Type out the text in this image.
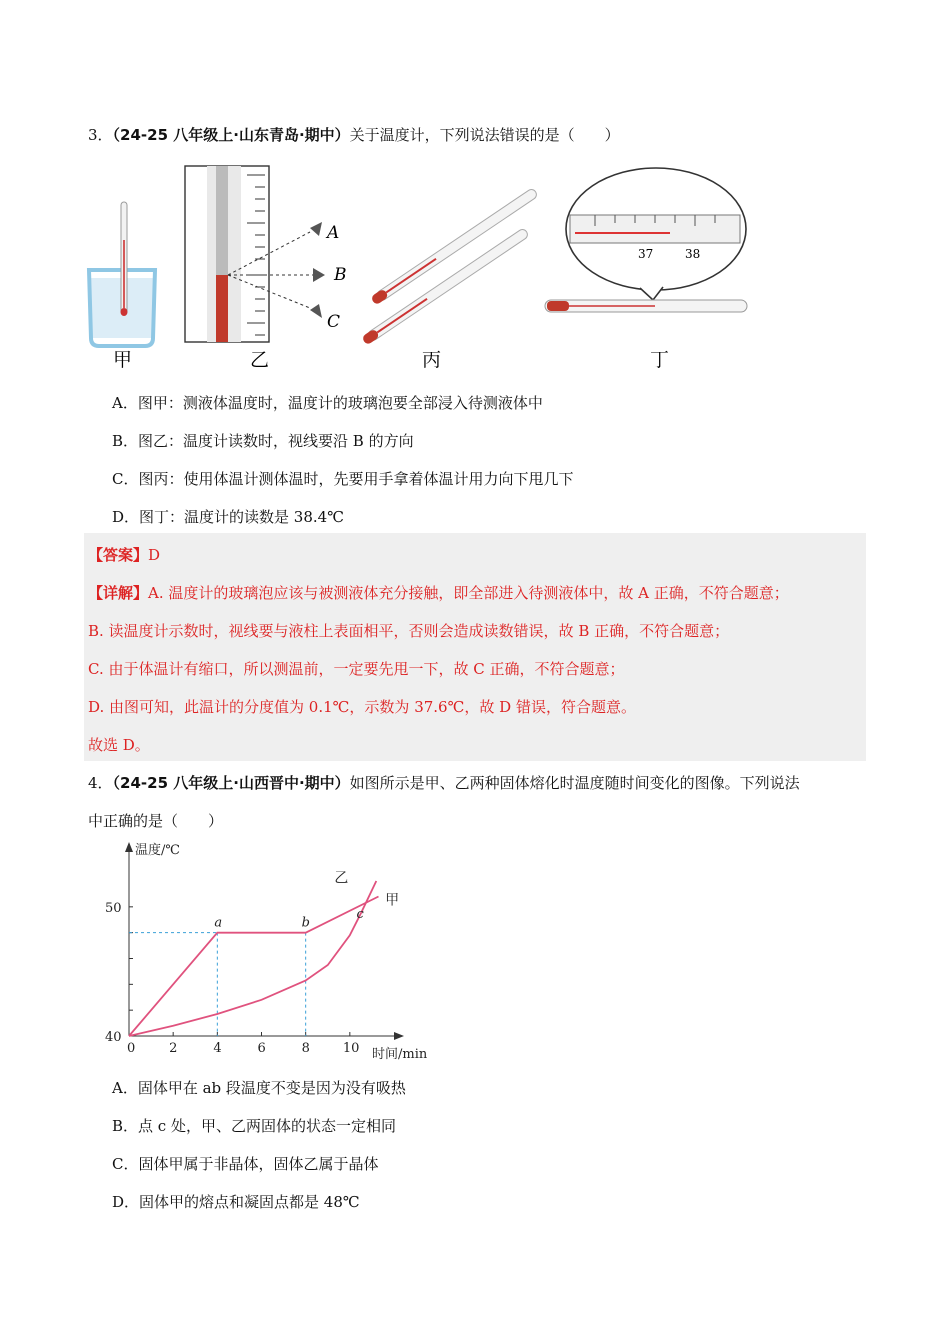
3．（24-25 八年级上·山东青岛·期中）关于温度计，下列说法错误的是（　　）
甲
A
B
C
乙	丙
37	38
丁
A．图甲：测液体温度时，温度计的玻璃泡要全部浸入待测液体中
B．图乙：温度计读数时，视线要沿 B 的方向
C．图丙：使用体温计测体温时，先要用手拿着体温计用力向下甩几下
D．图丁：温度计的读数是 38.4℃
【答案】D
【详解】A. 温度计的玻璃泡应该与被测液体充分接触，即全部进入待测液体中，故 A 正确，不符合题意；
B. 读温度计示数时，视线要与液柱上表面相平，否则会造成读数错误，故 B 正确，不符合题意；
C. 由于体温计有缩口，所以测温前，一定要先甩一下，故 C 正确，不符合题意；
D. 由图可知，此温计的分度值为 0.1℃，示数为 37.6℃，故 D 错误，符合题意。
故选 D。
4．（24-25 八年级上·山西晋中·期中）如图所示是甲、乙两种固体熔化时温度随时间变化的图像。下列说法
中正确的是（　　）
温度/℃
时间/min
0	2	4	6	8	10
40
50
甲
乙
a	b
c
A．固体甲在 ab 段温度不变是因为没有吸热
B．点 c 处，甲、乙两固体的状态一定相同
C．固体甲属于非晶体，固体乙属于晶体
D．固体甲的熔点和凝固点都是 48℃
